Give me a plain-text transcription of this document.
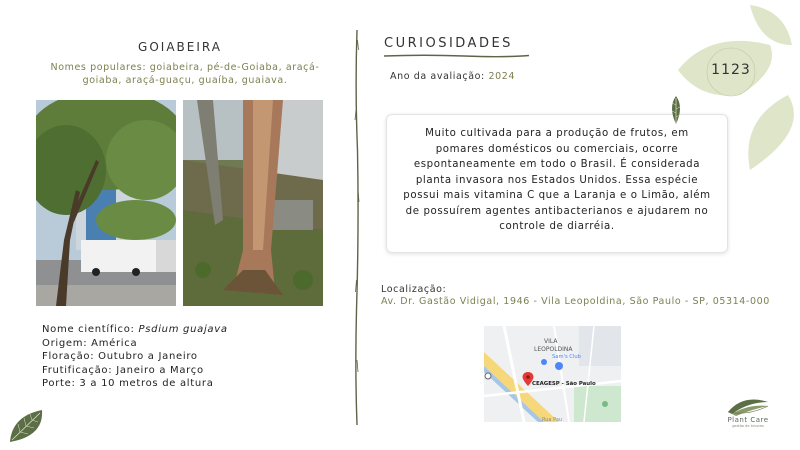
GOIABEIRA
Nomes populares: goiabeira, pé-de-Goiaba, araçá-goiaba, araçá-guaçu, guaíba, guaiava.
Nome científico: Psdium guajava
Origem: América
Floração: Outubro a Janeiro
Frutificação: Janeiro a Março
Porte: 3 a 10 metros de altura
CURIOSIDADES
Ano da avaliação: 2024
Muito cultivada para a produção de frutos, em pomares domésticos ou comerciais, ocorre espontaneamente em todo o Brasil. É considerada planta invasora nos Estados Unidos. Essa espécie possui mais vitamina C que a Laranja e o Limão, além de possuírem agentes antibacterianos e ajudarem no controle de diarréia.
Localização:
Av. Dr. Gastão Vidigal, 1946 - Vila Leopoldina, São Paulo - SP, 05314-000
VILA
LEOPOLDINA
Sam's Club
CEAGESP - São Paulo
Rua Pau
1123
Plant Care
gestão de árvores
